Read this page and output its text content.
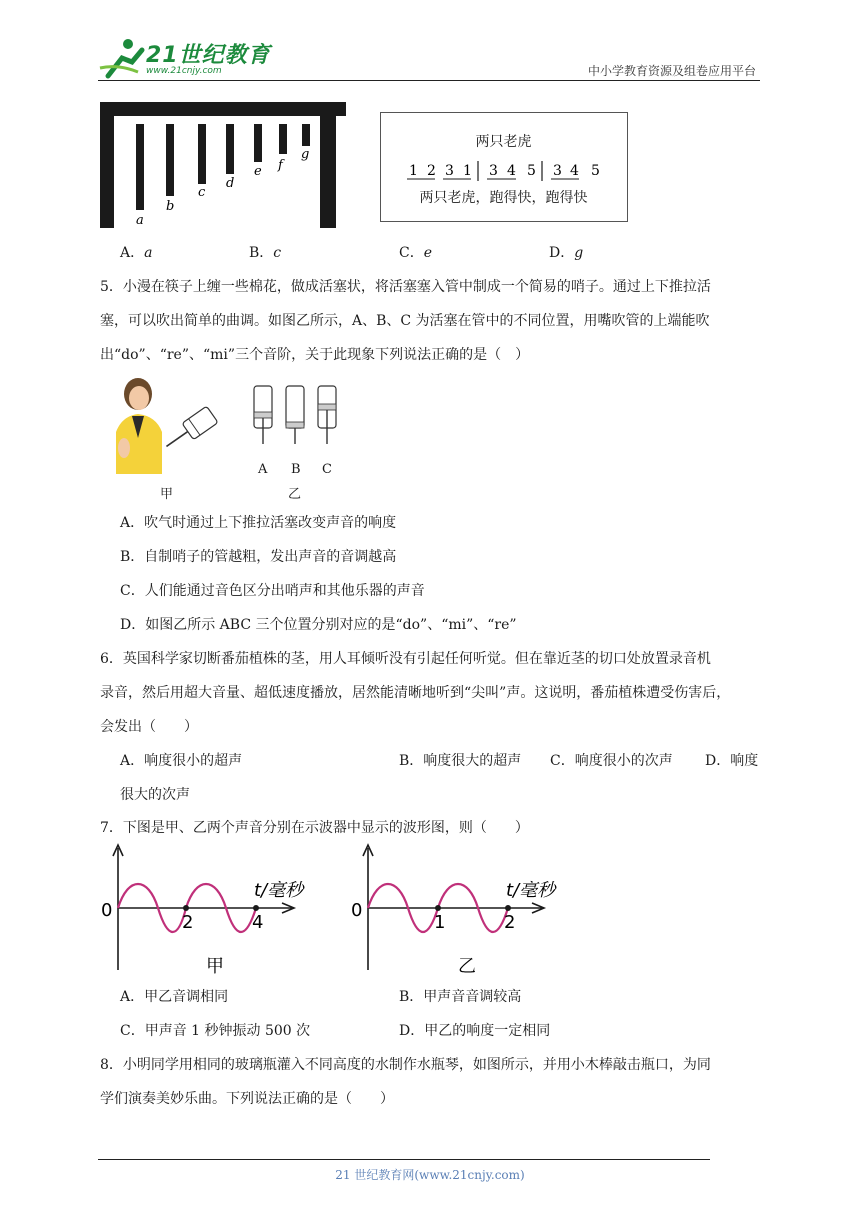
21世纪教育
www.21cnjy.com	中小学教育资源及组卷应用平台
a
b
c
d
e f
g
两只老虎
1 2 3 1 3 4 5 3 4 5
两只老虎，跑得快，跑得快
A．a	B．c	C．e	D．g
5．小漫在筷子上缠一些棉花，做成活塞状，将活塞塞入管中制成一个简易的哨子。通过上下推拉活
塞，可以吹出简单的曲调。如图乙所示，A、B、C 为活塞在管中的不同位置，用嘴吹管的上端能吹
出“do”、“re”、“mi”三个音阶，关于此现象下列说法正确的是（　）
甲
A B C
乙
A．吹气时通过上下推拉活塞改变声音的响度
B．自制哨子的管越粗，发出声音的音调越高
C．人们能通过音色区分出哨声和其他乐器的声音
D．如图乙所示 ABC 三个位置分别对应的是“do”、“mi”、“re”
6．英国科学家切断番茄植株的茎，用人耳倾听没有引起任何听觉。但在靠近茎的切口处放置录音机
录音，然后用超大音量、超低速度播放，居然能清晰地听到“尖叫”声。这说明，番茄植株遭受伤害后，
会发出（　　）
A．响度很小的超声	B．响度很大的超声 C．响度很小的次声 D．响度
很大的次声
7．下图是甲、乙两个声音分别在示波器中显示的波形图，则（　　）
0
2	4
t/毫秒
甲
0
1	2
t/毫秒
乙
A．甲乙音调相同	B．甲声音音调较高
C．甲声音 1 秒钟振动 500 次	D．甲乙的响度一定相同
8．小明同学用相同的玻璃瓶灌入不同高度的水制作水瓶琴，如图所示，并用小木棒敲击瓶口，为同
学们演奏美妙乐曲。下列说法正确的是（　　）
21 世纪教育网(www.21cnjy.com)
